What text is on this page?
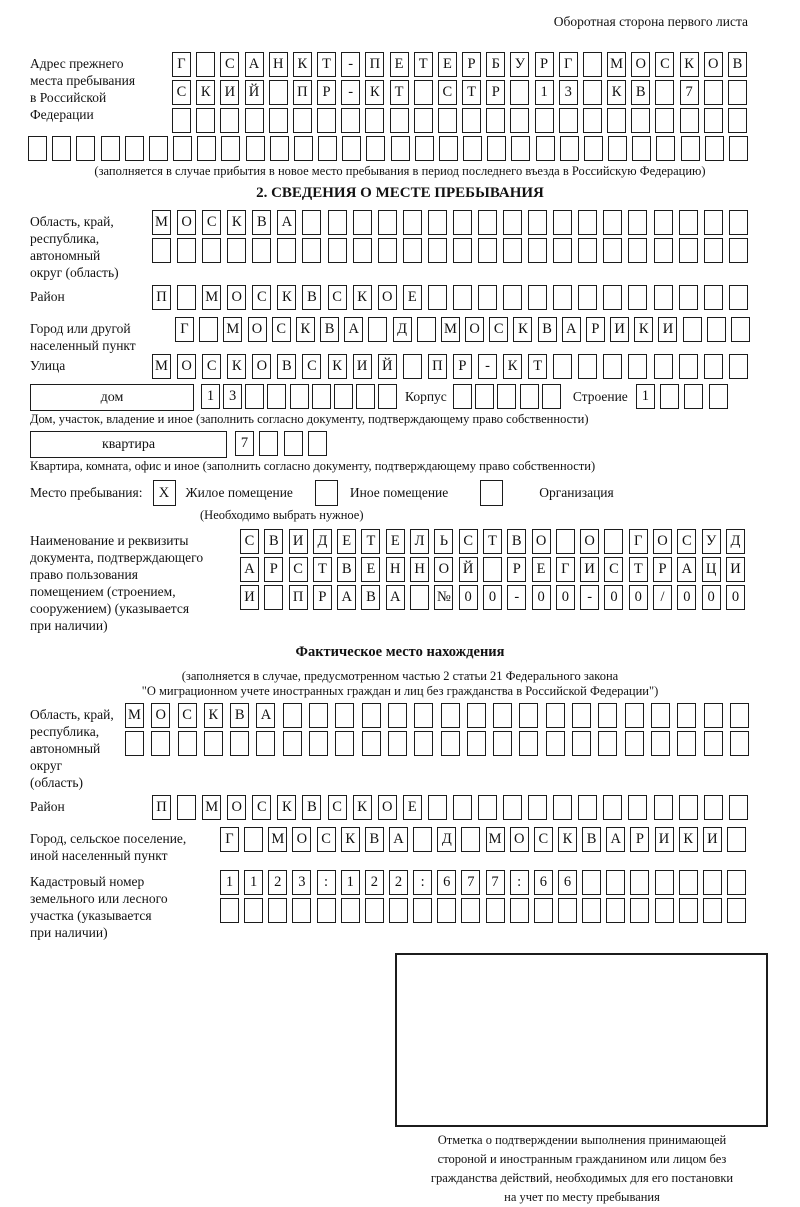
Оборотная сторона первого листа
Адрес прежнего
места пребывания
в Российской
Федерации
Г	С А Н К	Т	-	П	Е	Т	Е	Р	Б	У	Р	Г	М О С	К О В
С	К И Й	П	Р	-	К	Т	С	Т	Р	1	3	К	В	7
(заполняется в случае прибытия в новое место пребывания в период последнего въезда в Российскую Федерацию)
2. СВЕДЕНИЯ О МЕСТЕ ПРЕБЫВАНИЯ
Область, край,
республика,
автономный
округ (область)
М О	С	К	В	А
Район	П	М О	С	К	В	С	К	О	Е
Город или другой
населенный пункт
Г	М О С	К	В А	Д	М О С	К	В А	Р	И К И
Улица	М О	С	К	О	В	С	К	И Й	П	Р	-	К	Т
дом	1	3	Корпус	Строение 1
Дом, участок, владение и иное (заполнить согласно документу, подтверждающему право собственности)
квартира	7
Квартира, комната, офис и иное (заполнить согласно документу, подтверждающему право собственности)
Место пребывания:	X	Жилое помещение	Иное помещение	Организация
(Необходимо выбрать нужное)
Наименование и реквизиты
документа, подтверждающего
право пользования
помещением (строением,
сооружением) (указывается
при наличии)
С	В И Д	Е	Т	Е	Л	Ь	С	Т	В О	О	Г	О С У Д
А	Р	С	Т	В	Е	Н Н О Й	Р	Е	Г	И С	Т	Р	А Ц И
И	П	Р	А В А	№ 0	0	-	0	0	-	0	0	/	0	0	0
Фактическое место нахождения
(заполняется в случае, предусмотренном частью 2 статьи 21 Федерального закона
"О миграционном учете иностранных граждан и лиц без гражданства в Российской Федерации")
Область, край,
республика,
автономный округ
(область)
М О	С	К	В	А
Район	П	М О	С	К	В	С	К	О	Е
Город, сельское поселение,
иной населенный пункт
Г	М О С К В А	Д	М О С К В А	Р	И К И
Кадастровый номер
земельного или лесного
участка (указывается
при наличии)
1	1	2	3	:	1	2	2	:	6	7	7	:	6	6
Отметка о подтверждении выполнения принимающей
стороной и иностранным гражданином или лицом без
гражданства действий, необходимых для его постановки
на учет по месту пребывания
